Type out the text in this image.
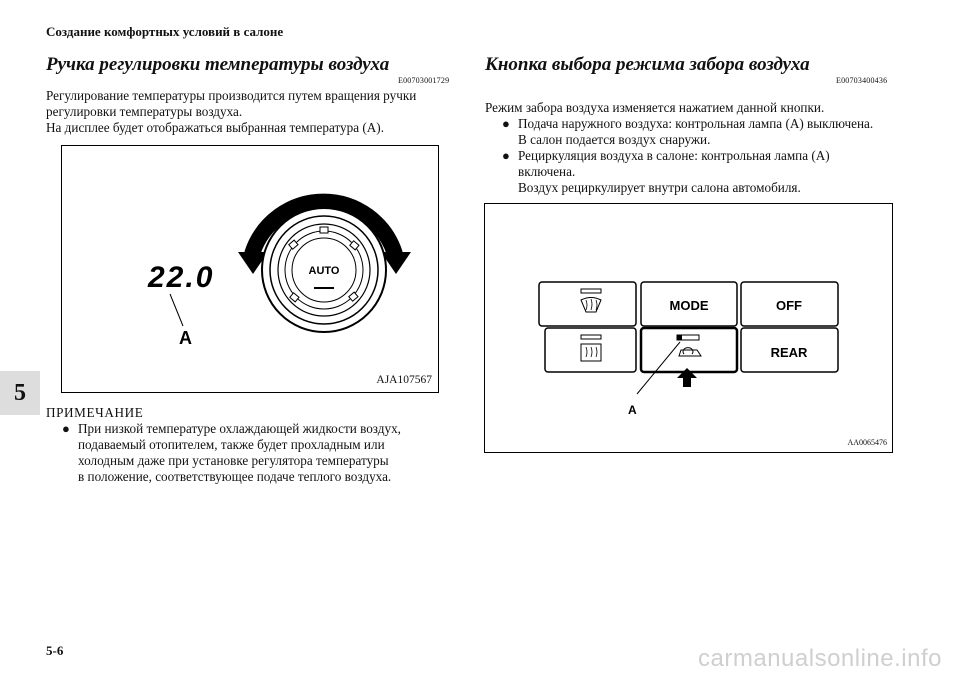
Создание комфортных условий в салоне
Ручка регулировки температуры воздуха
E00703001729
Регулирование температуры производится путем вращения ручки
регулировки температуры воздуха.
На дисплее будет отображаться выбранная температура (A).
AUTO
22.0
A
AJA107567
ПРИМЕЧАНИЕ
● При низкой температуре охлаждающей жидкости воздух,
подаваемый отопителем, также будет прохладным или
холодным даже при установке регулятора температуры
в положение, соответствующее подаче теплого воздуха.
Кнопка выбора режима забора воздуха
E00703400436
Режим забора воздуха изменяется нажатием данной кнопки.
● Подача наружного воздуха: контрольная лампа (A) выключена.
В салон подается воздух снаружи.
● Рециркуляция воздуха в салоне: контрольная лампа (A)
включена.
Воздух рециркулирует внутри салона автомобиля.
MODE	OFF
REAR
A
AA0065476
5
5-6	carmanualsonline.info
